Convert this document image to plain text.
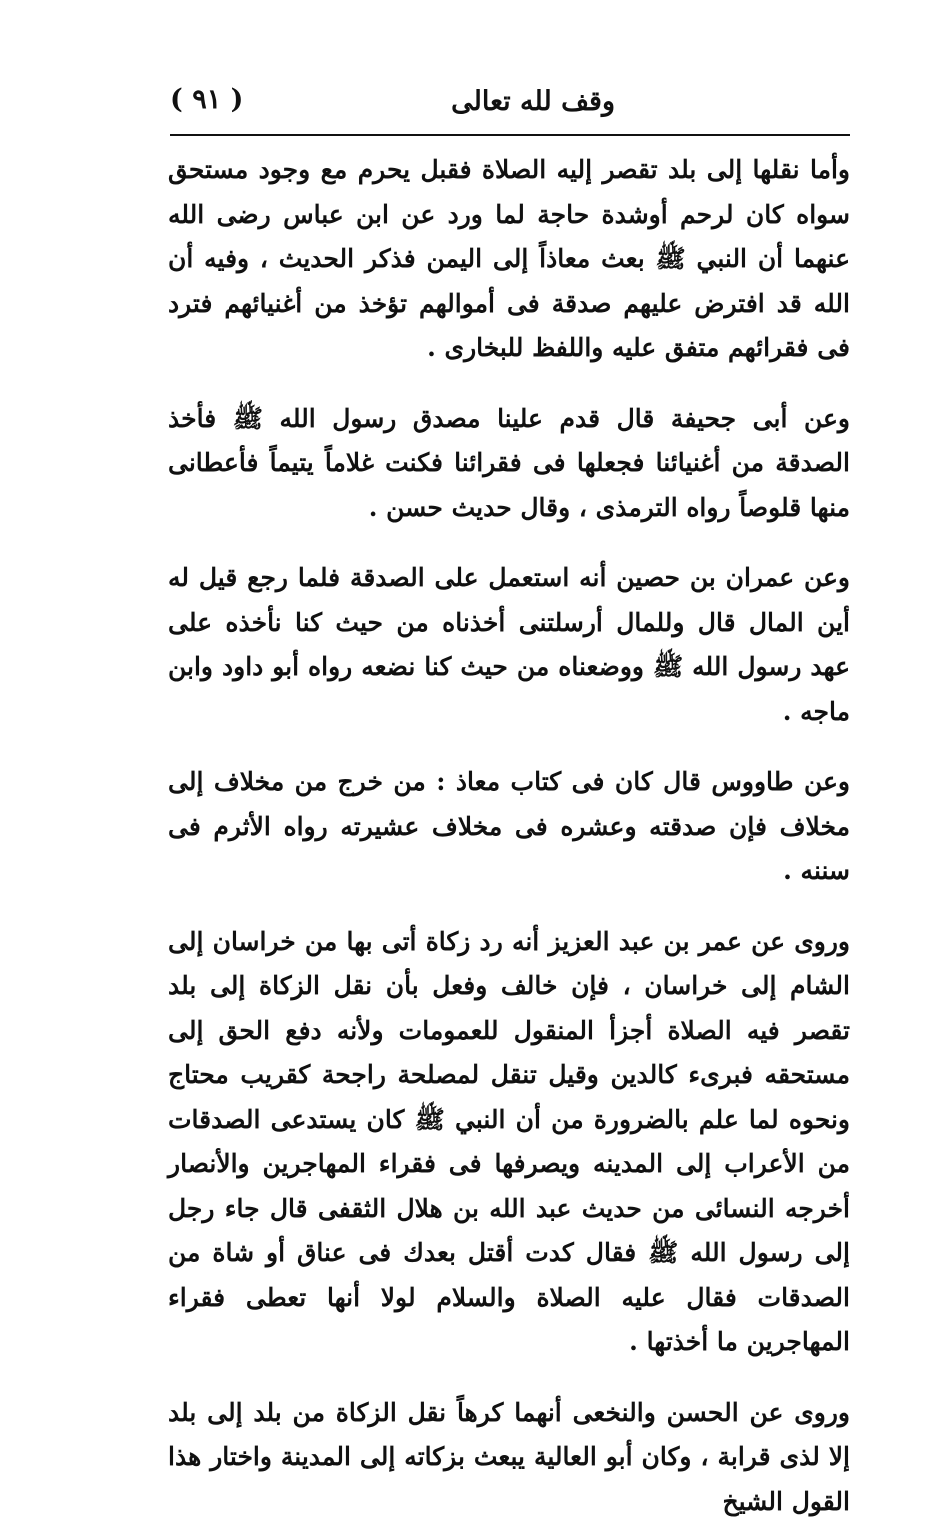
وقف لله تعالى
( ٩١ )

وأما نقلها إلى بلد تقصر إليه الصلاة فقبل يحرم مع وجود مستحق سواه كان لرحم أوشدة حاجة لما ورد عن ابن عباس رضى الله عنهما أن النبي ﷺ بعث معاذاً إلى اليمن فذكر الحديث ، وفيه أن الله قد افترض عليهم صدقة فى أموالهم تؤخذ من أغنيائهم فترد فى فقرائهم متفق عليه واللفظ للبخارى .

وعن أبى جحيفة قال قدم علينا مصدق رسول الله ﷺ فأخذ الصدقة من أغنيائنا فجعلها فى فقرائنا فكنت غلاماً يتيماً فأعطانى منها قلوصاً رواه الترمذى ، وقال حديث حسن .

وعن عمران بن حصين أنه استعمل على الصدقة فلما رجع قيل له أين المال قال وللمال أرسلتنى أخذناه من حيث كنا نأخذه على عهد رسول الله ﷺ ووضعناه من حيث كنا نضعه رواه أبو داود وابن ماجه .

وعن طاووس قال كان فى كتاب معاذ : من خرج من مخلاف إلى مخلاف فإن صدقته وعشره فى مخلاف عشيرته رواه الأثرم فى سننه .

وروى عن عمر بن عبد العزيز أنه رد زكاة أتى بها من خراسان إلى الشام إلى خراسان ، فإن خالف وفعل بأن نقل الزكاة إلى بلد تقصر فيه الصلاة أجزأ المنقول للعمومات ولأنه دفع الحق إلى مستحقه فبرىء كالدين وقيل تنقل لمصلحة راجحة كقريب محتاج ونحوه لما علم بالضرورة من أن النبي ﷺ كان يستدعى الصدقات من الأعراب إلى المدينه ويصرفها فى فقراء المهاجرين والأنصار أخرجه النسائى من حديث عبد الله بن هلال الثقفى قال جاء رجل إلى رسول الله ﷺ فقال كدت أقتل بعدك فى عناق أو شاة من الصدقات فقال عليه الصلاة والسلام لولا أنها تعطى فقراء المهاجرين ما أخذتها .

وروى عن الحسن والنخعى أنهما كرهاً نقل الزكاة من بلد إلى بلد إلا لذى قرابة ، وكان أبو العالية يبعث بزكاته إلى المدينة واختار هذا القول الشيخ
